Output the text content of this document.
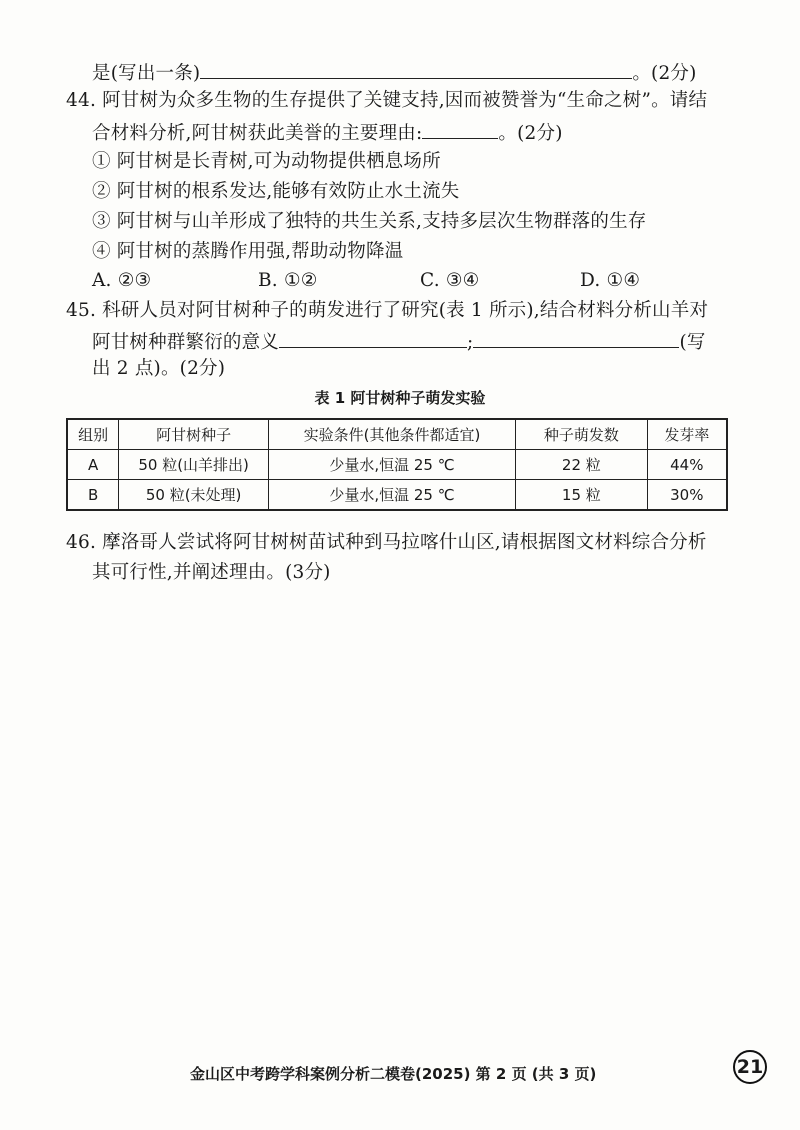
是(写出一条)	。(2分)
44. 阿甘树为众多生物的生存提供了关键支持,因而被赞誉为“生命之树”。请结
合材料分析,阿甘树获此美誉的主要理由:	。(2分)
① 阿甘树是长青树,可为动物提供栖息场所
② 阿甘树的根系发达,能够有效防止水土流失
③ 阿甘树与山羊形成了独特的共生关系,支持多层次生物群落的生存
④ 阿甘树的蒸腾作用强,帮助动物降温
A. ②③	B. ①②	C. ③④	D. ①④
45. 科研人员对阿甘树种子的萌发进行了研究(表 1 所示),结合材料分析山羊对
阿甘树种群繁衍的意义	;	(写
出 2 点)。(2分)
表 1 阿甘树种子萌发实验
组别	阿甘树种子	实验条件(其他条件都适宜)	种子萌发数	发芽率
A	50 粒(山羊排出)	少量水,恒温 25 ℃	22 粒	44%
B	50 粒(未处理)	少量水,恒温 25 ℃	15 粒	30%
46. 摩洛哥人尝试将阿甘树树苗试种到马拉喀什山区,请根据图文材料综合分析
其可行性,并阐述理由。(3分)
金山区中考跨学科案例分析二模卷(2025) 第 2 页 (共 3 页)	21
